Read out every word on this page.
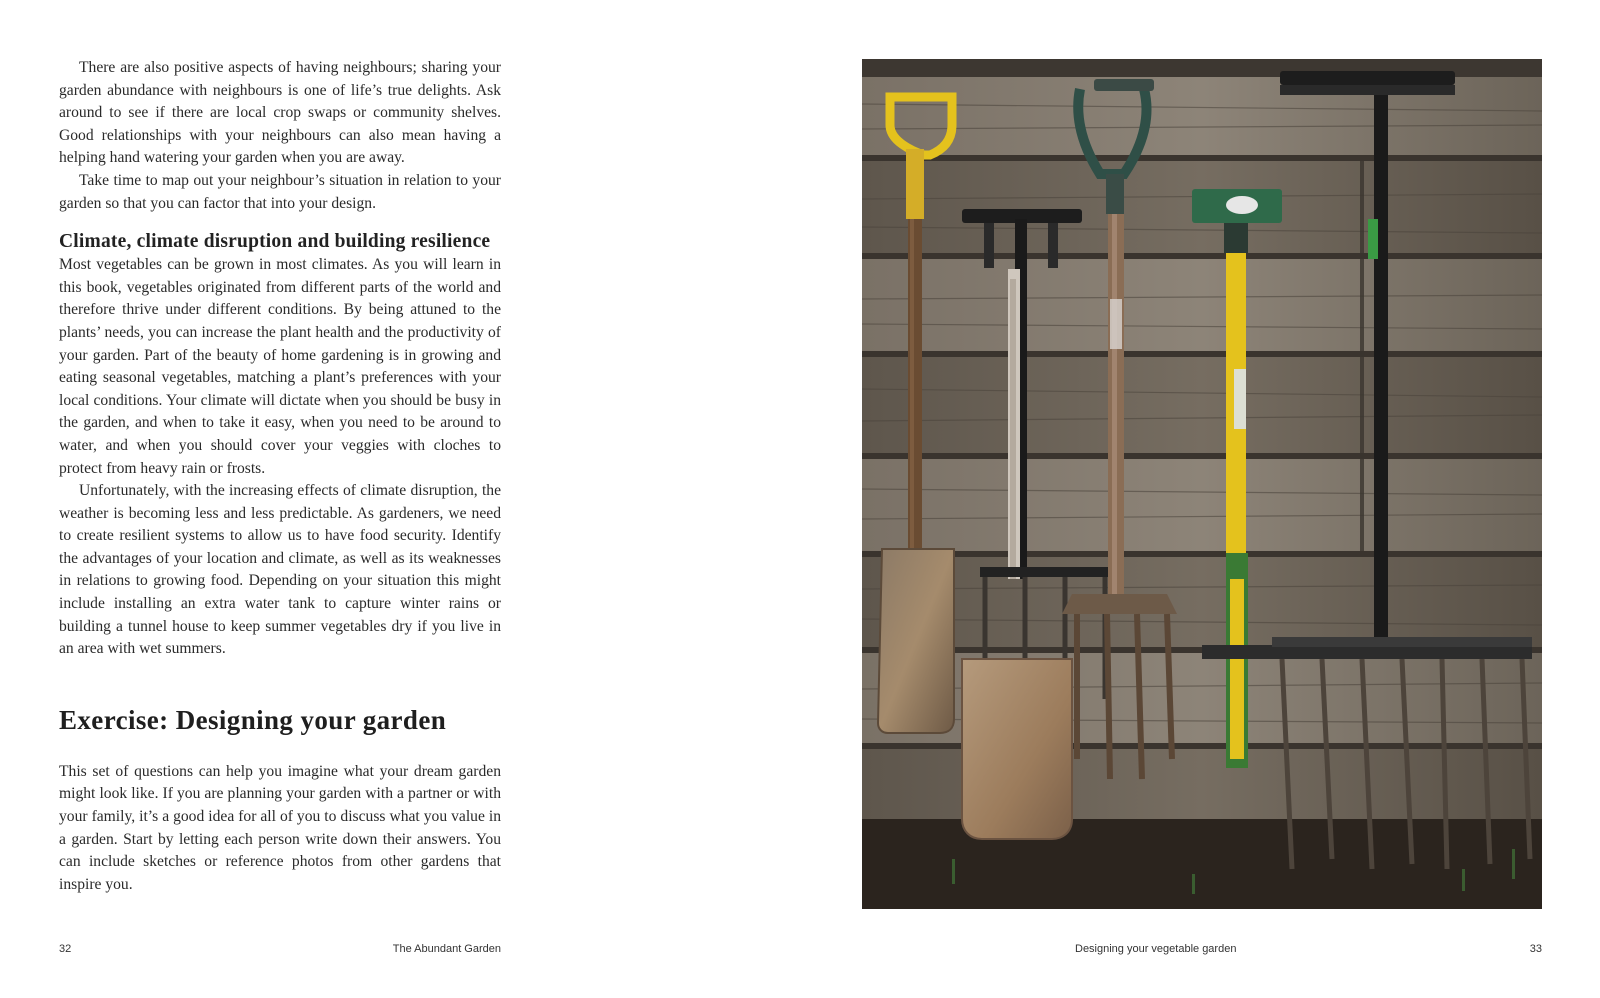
There are also positive aspects of having neighbours; sharing your garden abundance with neighbours is one of life’s true delights. Ask around to see if there are local crop swaps or community shelves. Good relationships with your neighbours can also mean having a helping hand watering your garden when you are away.

Take time to map out your neighbour’s situation in relation to your garden so that you can factor that into your design.

Climate, climate disruption and building resilience

Most vegetables can be grown in most climates. As you will learn in this book, vegetables originated from different parts of the world and therefore thrive under different conditions. By being attuned to the plants’ needs, you can increase the plant health and the productivity of your garden. Part of the beauty of home gardening is in growing and eating seasonal vegetables, matching a plant’s preferences with your local conditions. Your climate will dictate when you should be busy in the garden, and when to take it easy, when you need to be around to water, and when you should cover your veggies with cloches to protect from heavy rain or frosts.

Unfortunately, with the increasing effects of climate disruption, the weather is becoming less and less predictable. As gardeners, we need to create resilient systems to allow us to have food security. Identify the advantages of your location and climate, as well as its weaknesses in relations to growing food. Depending on your situation this might include installing an extra water tank to capture winter rains or building a tunnel house to keep summer vegetables dry if you live in an area with wet summers.

Exercise: Designing your garden

This set of questions can help you imagine what your dream garden might look like. If you are planning your garden with a partner or with your family, it’s a good idea for all of you to discuss what you value in a garden. Start by letting each person write down their answers. You can include sketches or reference photos from other gardens that inspire you.

32	The Abundant Garden	Designing your vegetable garden	33
